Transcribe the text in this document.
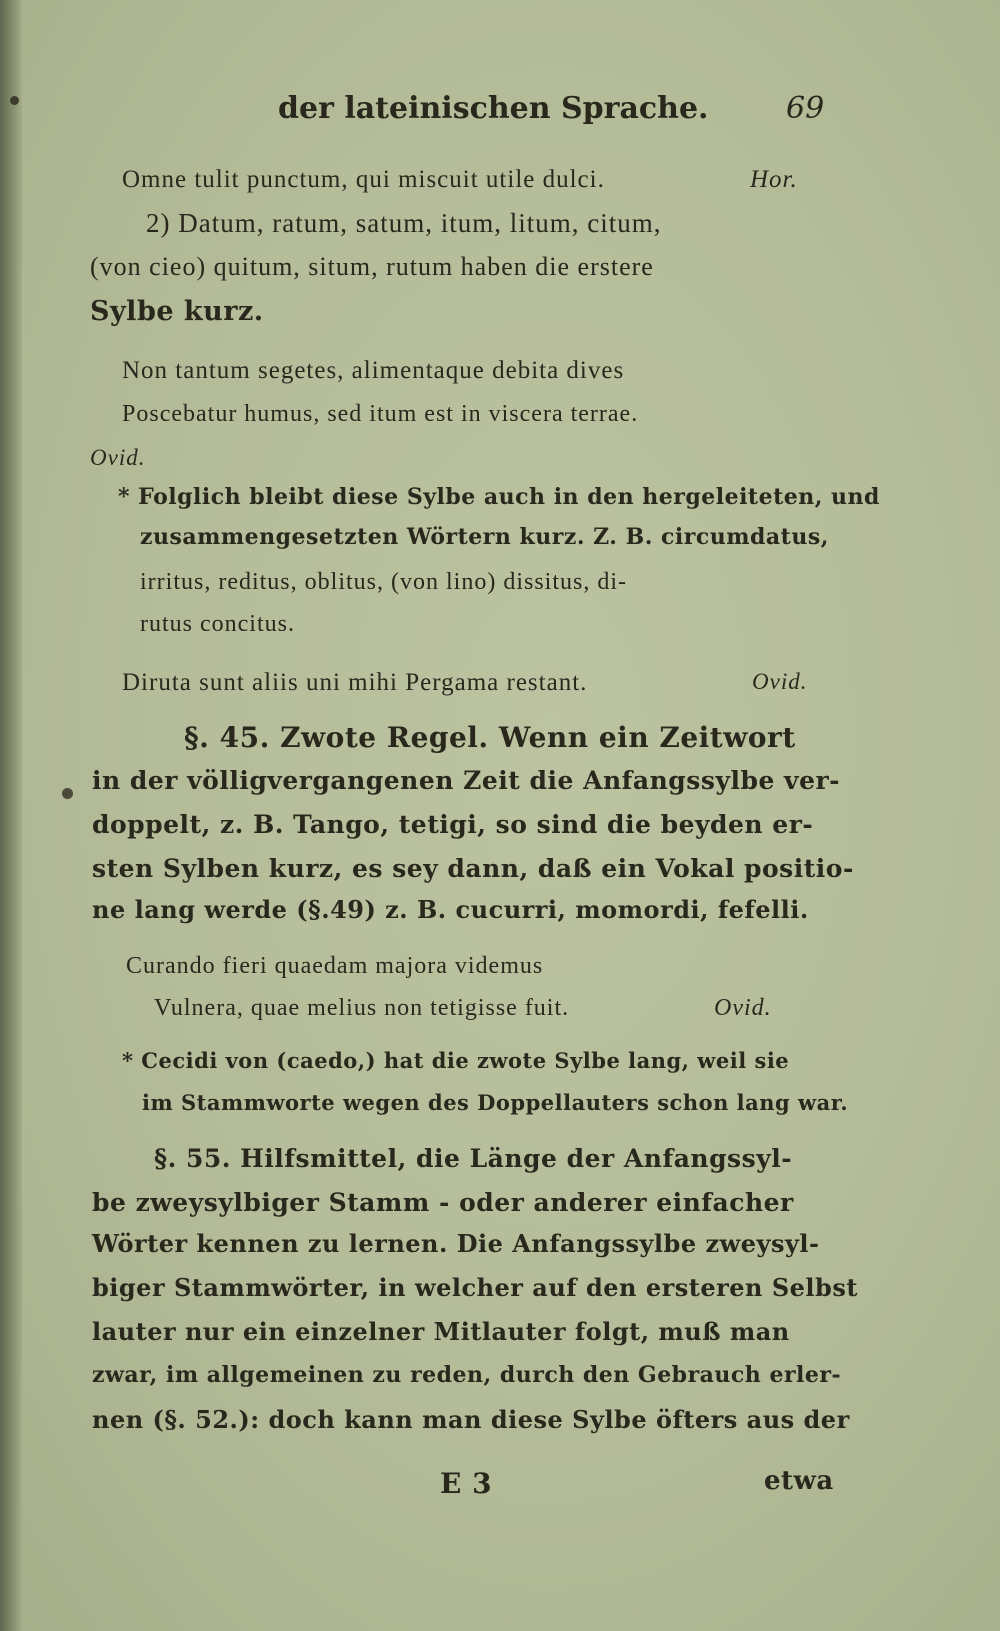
der lateinischen Sprache.	69
Omne tulit punctum, qui miscuit utile dulci.	Hor.
2) Datum, ratum, satum, itum, litum, citum,
(von cieo) quitum, situm, rutum haben die erstere
Sylbe kurz.
Non tantum segetes, alimentaque debita dives
Poscebatur humus, sed itum est in viscera terrae.
Ovid.
* Folglich bleibt diese Sylbe auch in den hergeleiteten, und
zusammengesetzten Wörtern kurz. Z. B. circumdatus,
irritus, reditus, oblitus, (von lino) dissitus, di-
rutus concitus.
Diruta sunt aliis uni mihi Pergama restant.	Ovid.
§. 45. Zwote Regel. Wenn ein Zeitwort
in der völligvergangenen Zeit die Anfangssylbe ver-
doppelt, z. B. Tango, tetigi, so sind die beyden er-
sten Sylben kurz, es sey dann, daß ein Vokal positio-
ne lang werde (§.49) z. B. cucurri, momordi, fefelli.
Curando fieri quaedam majora videmus
Vulnera, quae melius non tetigisse fuit.	Ovid.
* Cecidi von (caedo,) hat die zwote Sylbe lang, weil sie
im Stammworte wegen des Doppellauters schon lang war.
§. 55. Hilfsmittel, die Länge der Anfangssyl-
be zweysylbiger Stamm - oder anderer einfacher
Wörter kennen zu lernen. Die Anfangssylbe zweysyl-
biger Stammwörter, in welcher auf den ersteren Selbst
lauter nur ein einzelner Mitlauter folgt, muß man
zwar, im allgemeinen zu reden, durch den Gebrauch erler-
nen (§. 52.): doch kann man diese Sylbe öfters aus der
E 3	etwa
